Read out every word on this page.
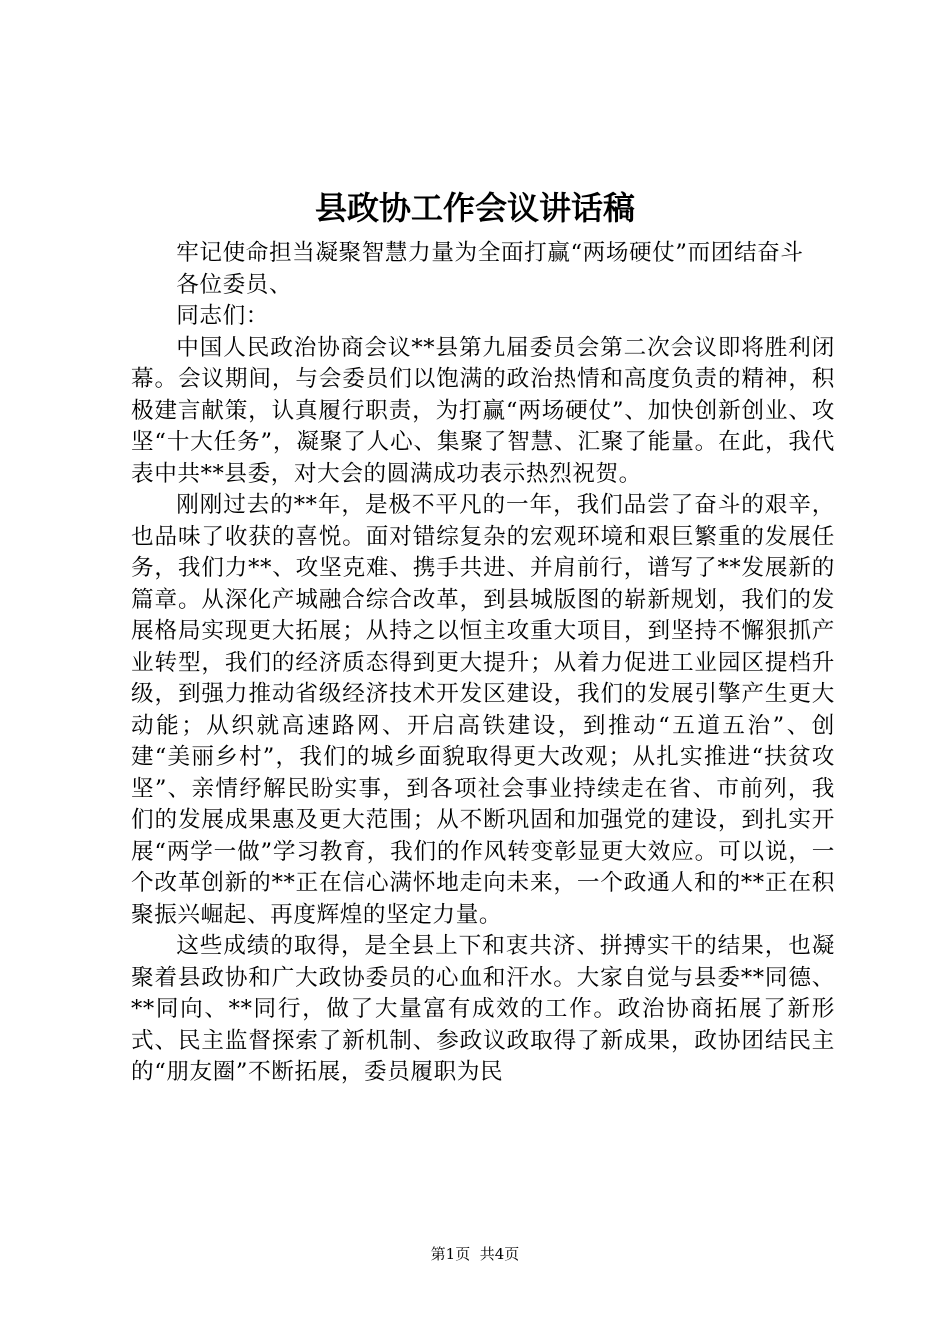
县政协工作会议讲话稿

牢记使命担当凝聚智慧力量为全面打赢“两场硬仗”而团结奋斗

各位委员、

同志们：

中国人民政治协商会议**县第九届委员会第二次会议即将胜利闭幕。会议期间，与会委员们以饱满的政治热情和高度负责的精神，积极建言献策，认真履行职责，为打赢“两场硬仗”、加快创新创业、攻坚“十大任务”，凝聚了人心、集聚了智慧、汇聚了能量。在此，我代表中共**县委，对大会的圆满成功表示热烈祝贺。

刚刚过去的**年，是极不平凡的一年，我们品尝了奋斗的艰辛，也品味了收获的喜悦。面对错综复杂的宏观环境和艰巨繁重的发展任务，我们力**、攻坚克难、携手共进、并肩前行，谱写了**发展新的篇章。从深化产城融合综合改革，到县城版图的崭新规划，我们的发展格局实现更大拓展；从持之以恒主攻重大项目，到坚持不懈狠抓产业转型，我们的经济质态得到更大提升；从着力促进工业园区提档升级，到强力推动省级经济技术开发区建设，我们的发展引擎产生更大动能；从织就高速路网、开启高铁建设，到推动“五道五治”、创建“美丽乡村”，我们的城乡面貌取得更大改观；从扎实推进“扶贫攻坚”、亲情纾解民盼实事，到各项社会事业持续走在省、市前列，我们的发展成果惠及更大范围；从不断巩固和加强党的建设，到扎实开展“两学一做”学习教育，我们的作风转变彰显更大效应。可以说，一个改革创新的**正在信心满怀地走向未来，一个政通人和的**正在积聚振兴崛起、再度辉煌的坚定力量。

这些成绩的取得，是全县上下和衷共济、拼搏实干的结果，也凝聚着县政协和广大政协委员的心血和汗水。大家自觉与县委**同德、**同向、**同行，做了大量富有成效的工作。政治协商拓展了新形式、民主监督探索了新机制、参政议政取得了新成果，政协团结民主的“朋友圈”不断拓展，委员履职为民

第1页 共4页
